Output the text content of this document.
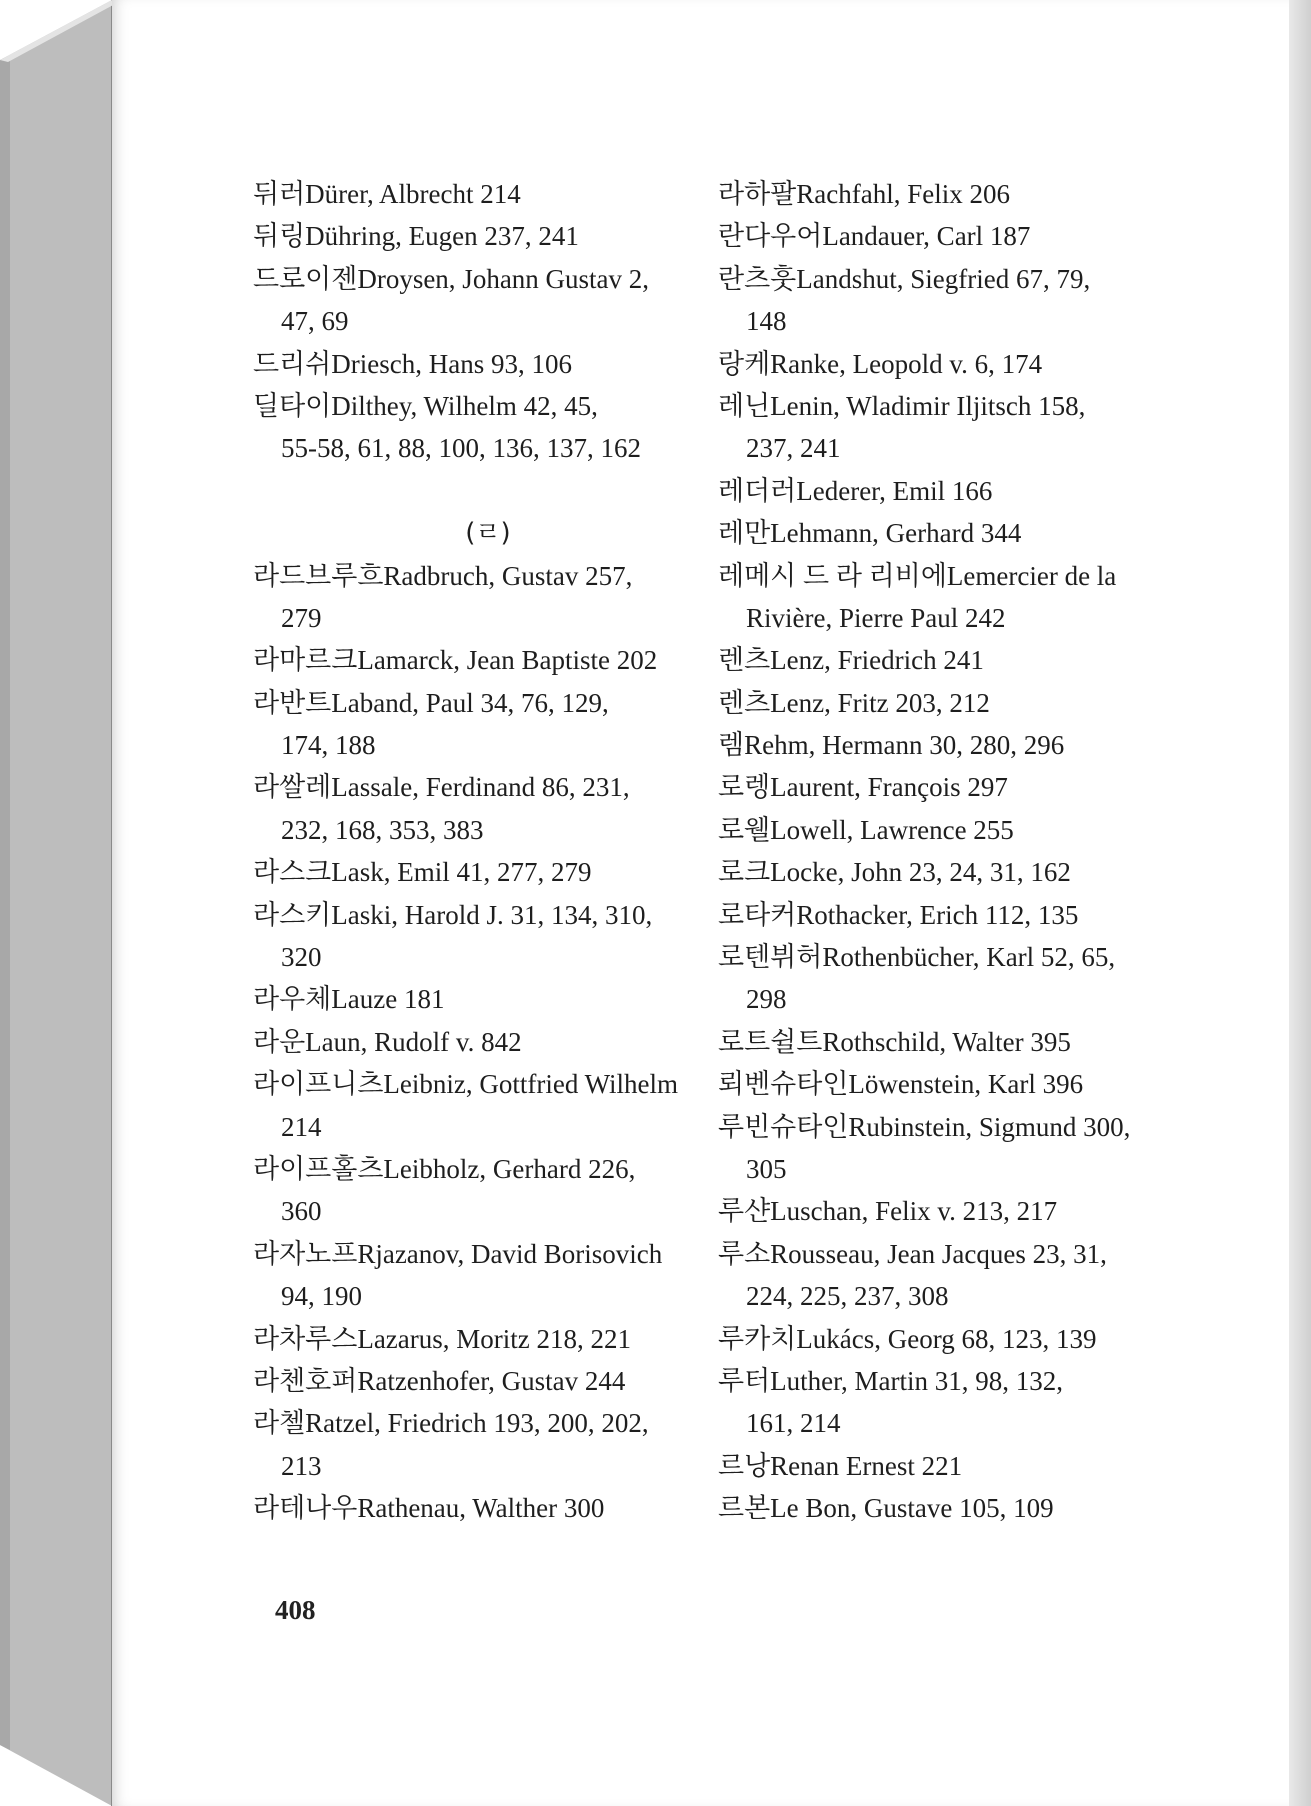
뒤러Dürer, Albrecht 214
뒤링Dühring, Eugen 237, 241
드로이젠Droysen, Johann Gustav 2,
47, 69
드리쉬Driesch, Hans 93, 106
딜타이Dilthey, Wilhelm 42, 45,
55-58, 61, 88, 100, 136, 137, 162
(ㄹ)
라드브루흐Radbruch, Gustav 257,
279
라마르크Lamarck, Jean Baptiste 202
라반트Laband, Paul 34, 76, 129,
174, 188
라쌀레Lassale, Ferdinand 86, 231,
232, 168, 353, 383
라스크Lask, Emil 41, 277, 279
라스키Laski, Harold J. 31, 134, 310,
320
라우체Lauze 181
라운Laun, Rudolf v. 842
라이프니츠Leibniz, Gottfried Wilhelm
214
라이프홀츠Leibholz, Gerhard 226,
360
라자노프Rjazanov, David Borisovich
94, 190
라차루스Lazarus, Moritz 218, 221
라첸호퍼Ratzenhofer, Gustav 244
라첼Ratzel, Friedrich 193, 200, 202,
213
라테나우Rathenau, Walther 300
라하팔Rachfahl, Felix 206
란다우어Landauer, Carl 187
란츠훗Landshut, Siegfried 67, 79,
148
랑케Ranke, Leopold v. 6, 174
레닌Lenin, Wladimir Iljitsch 158,
237, 241
레더러Lederer, Emil 166
레만Lehmann, Gerhard 344
레메시 드 라 리비에Lemercier de la
Rivière, Pierre Paul 242
렌츠Lenz, Friedrich 241
렌츠Lenz, Fritz 203, 212
렘Rehm, Hermann 30, 280, 296
로렝Laurent, François 297
로웰Lowell, Lawrence 255
로크Locke, John 23, 24, 31, 162
로타커Rothacker, Erich 112, 135
로텐뷔허Rothenbücher, Karl 52, 65,
298
로트쉴트Rothschild, Walter 395
뢰벤슈타인Löwenstein, Karl 396
루빈슈타인Rubinstein, Sigmund 300,
305
루샨Luschan, Felix v. 213, 217
루소Rousseau, Jean Jacques 23, 31,
224, 225, 237, 308
루카치Lukács, Georg 68, 123, 139
루터Luther, Martin 31, 98, 132,
161, 214
르낭Renan Ernest 221
르본Le Bon, Gustave 105, 109
408
